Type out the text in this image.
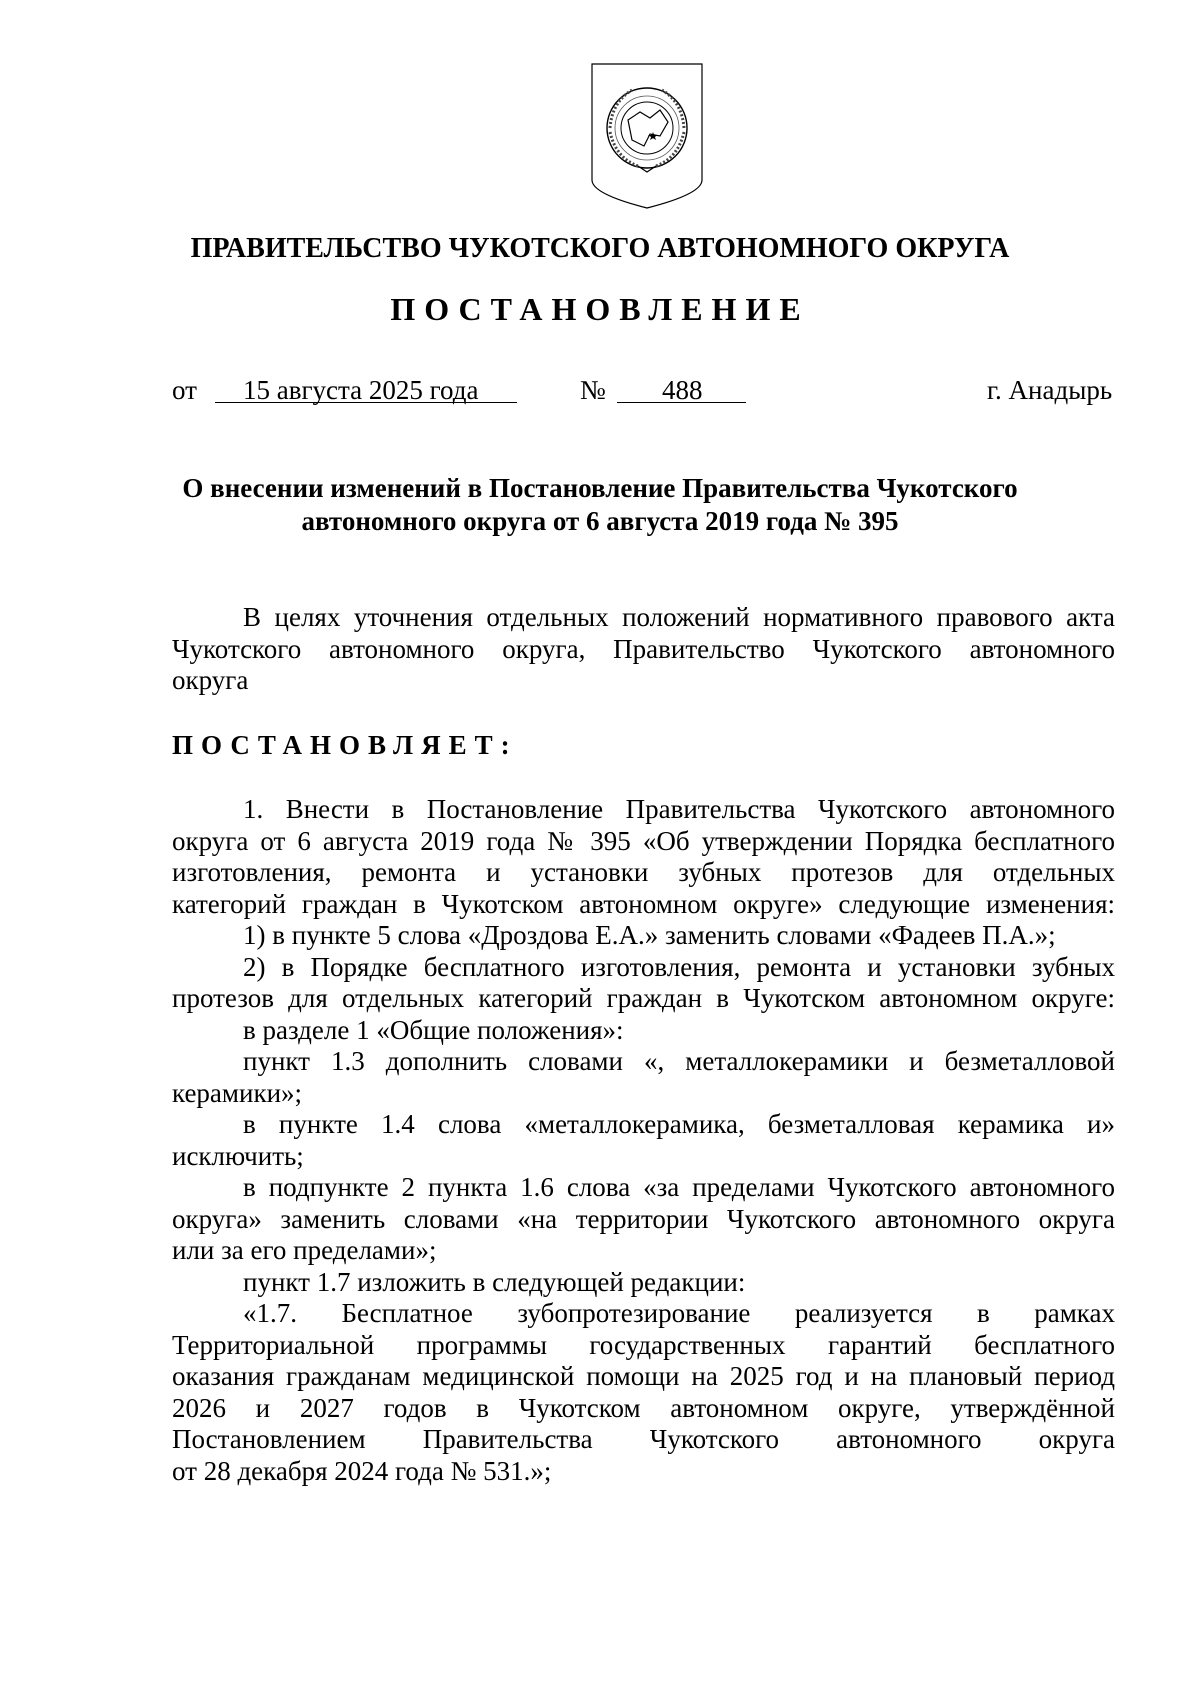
ПРАВИТЕЛЬСТВО ЧУКОТСКОГО АВТОНОМНОГО ОКРУГА
ПОСТАНОВЛЕНИЕ
от 15 августа 2025 года	№ 488	г. Анадырь
О внесении изменений в Постановление Правительства Чукотского
автономного округа от 6 августа 2019 года № 395
В целях уточнения отдельных положений нормативного правового акта
Чукотского автономного округа, Правительство Чукотского автономного
округа
ПОСТАНОВЛЯЕТ:
1. Внести в Постановление Правительства Чукотского автономного
округа от 6 августа 2019 года № 395 «Об утверждении Порядка бесплатного
изготовления, ремонта и установки зубных протезов для отдельных
категорий граждан в Чукотском автономном округе» следующие изменения:
1) в пункте 5 слова «Дроздова Е.А.» заменить словами «Фадеев П.А.»;
2) в Порядке бесплатного изготовления, ремонта и установки зубных
протезов для отдельных категорий граждан в Чукотском автономном округе:
в разделе 1 «Общие положения»:
пункт 1.3 дополнить словами «, металлокерамики и безметалловой
керамики»;
в пункте 1.4 слова «металлокерамика, безметалловая керамика и»
исключить;
в подпункте 2 пункта 1.6 слова «за пределами Чукотского автономного
округа» заменить словами «на территории Чукотского автономного округа
или за его пределами»;
пункт 1.7 изложить в следующей редакции:
«1.7. Бесплатное зубопротезирование реализуется в рамках
Территориальной программы государственных гарантий бесплатного
оказания гражданам медицинской помощи на 2025 год и на плановый период
2026 и 2027 годов в Чукотском автономном округе, утверждённой
Постановлением Правительства Чукотского автономного округа
от 28 декабря 2024 года № 531.»;
